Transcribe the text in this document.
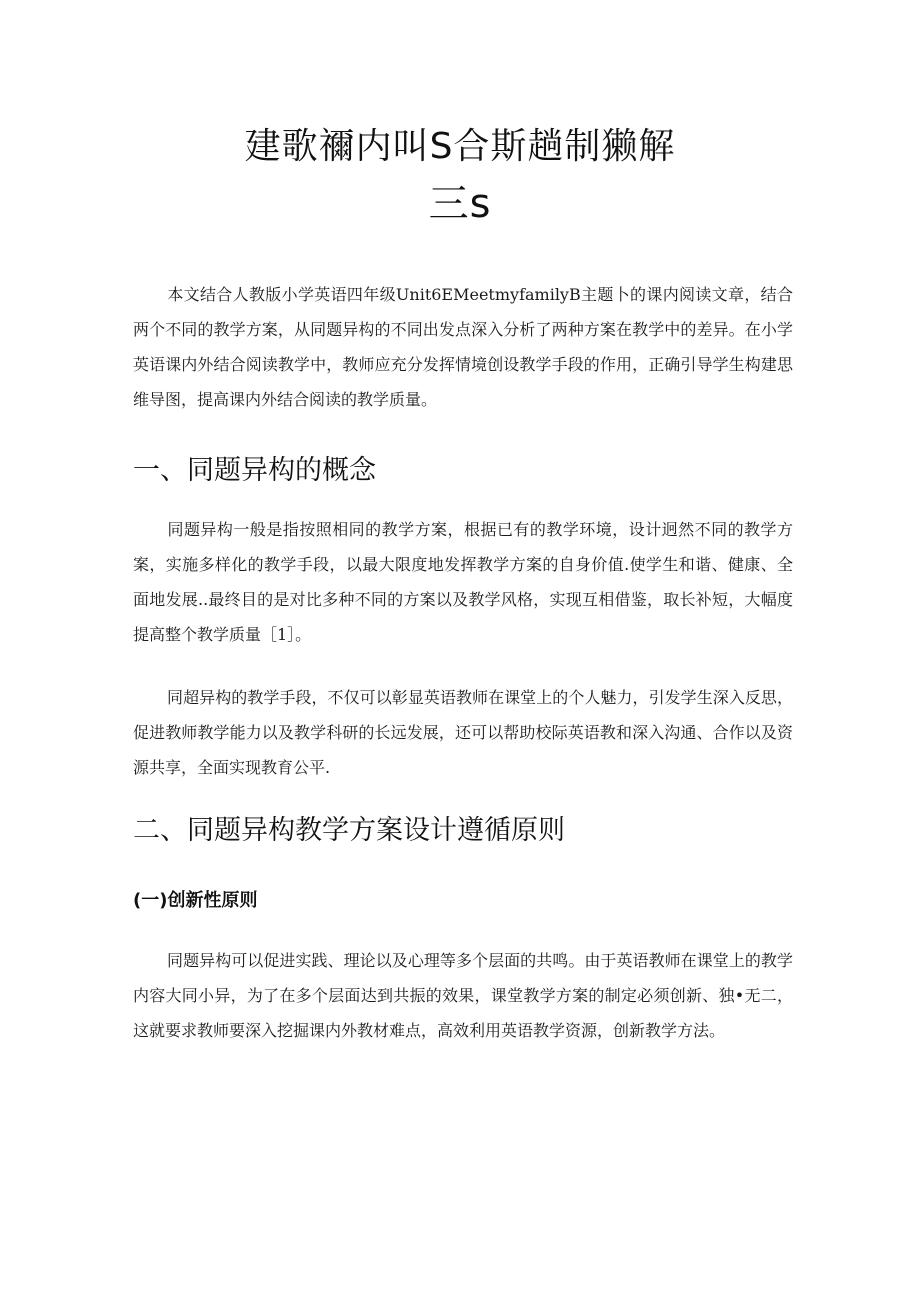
建歌禰内叫S合斯趟制獭解
三s
本文结合人教版小学英语四年级Unit6EMeetmyfamilyB主题卜的课内阅读文章，结合两个不同的教学方案，从同题异构的不同出发点深入分析了两种方案在教学中的差异。在小学英语课内外结合阅读教学中，教师应充分发挥情境创设教学手段的作用，正确引导学生构建思维导图，提高课内外结合阅读的教学质量。
一、同题异构的概念
同题异构一般是指按照相同的教学方案，根据已有的教学环境，设计迥然不同的教学方案，实施多样化的教学手段，以最大限度地发挥教学方案的自身价值.使学生和谐、健康、全面地发展..最终目的是对比多种不同的方案以及教学风格，实现互相借鉴，取长补短，大幅度提高整个教学质量［1］。
同超异构的教学手段，不仅可以彰显英语教师在课堂上的个人魅力，引发学生深入反思，促进教师教学能力以及教学科研的长远发展，还可以帮助校际英语教和深入沟通、合作以及资源共享，全面实现教育公平.
二、同题异构教学方案设计遵循原则
(一)创新性原则
同题异构可以促进实践、理论以及心理等多个层面的共鸣。由于英语教师在课堂上的教学内容大同小异，为了在多个层面达到共振的效果，课堂教学方案的制定必须创新、独•无二，这就要求教师要深入挖掘课内外教材难点，高效利用英语教学资源，创新教学方法。
